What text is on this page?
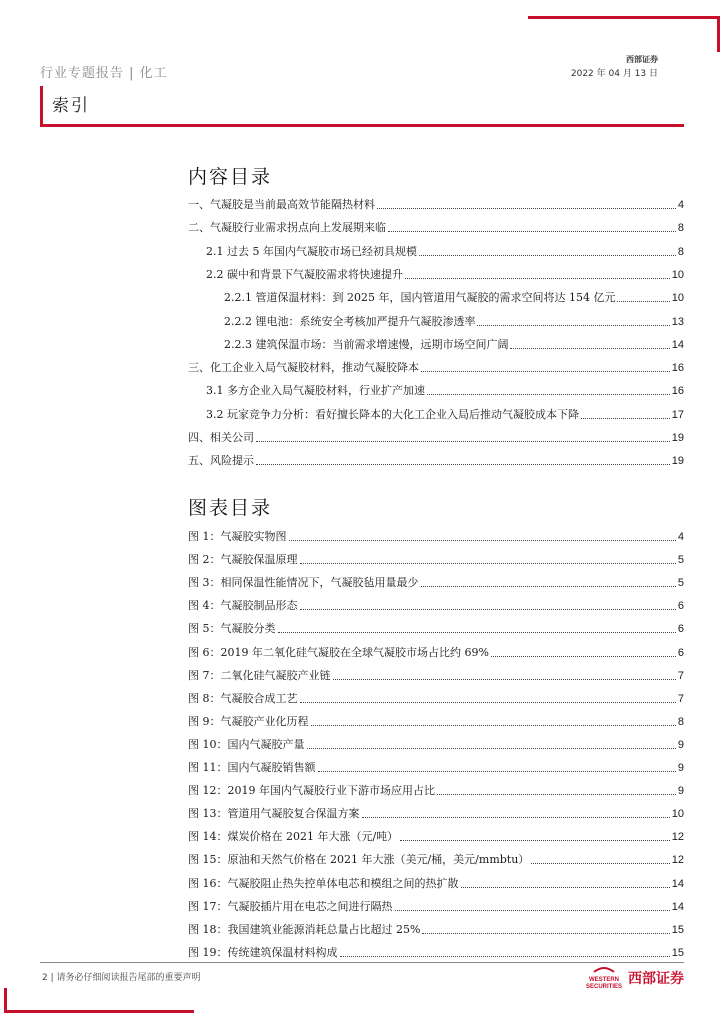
行业专题报告 | 化工
西部证券
2022 年 04 月 13 日
索引
内容目录
一、气凝胶是当前最高效节能隔热材料	4
二、气凝胶行业需求拐点向上发展期来临	8
2.1 过去 5 年国内气凝胶市场已经初具规模	8
2.2 碳中和背景下气凝胶需求将快速提升	10
2.2.1 管道保温材料：到 2025 年，国内管道用气凝胶的需求空间将达 154 亿元	10
2.2.2 锂电池：系统安全考核加严提升气凝胶渗透率	13
2.2.3 建筑保温市场：当前需求增速慢，远期市场空间广阔	14
三、化工企业入局气凝胶材料，推动气凝胶降本	16
3.1 多方企业入局气凝胶材料，行业扩产加速	16
3.2 玩家竞争力分析：看好擅长降本的大化工企业入局后推动气凝胶成本下降	17
四、相关公司	19
五、风险提示	19
图表目录
图 1：气凝胶实物图	4
图 2：气凝胶保温原理	5
图 3：相同保温性能情况下，气凝胶毡用量最少	5
图 4：气凝胶制品形态	6
图 5：气凝胶分类	6
图 6：2019 年二氧化硅气凝胶在全球气凝胶市场占比约 69%	6
图 7：二氧化硅气凝胶产业链	7
图 8：气凝胶合成工艺	7
图 9：气凝胶产业化历程	8
图 10：国内气凝胶产量	9
图 11：国内气凝胶销售额	9
图 12：2019 年国内气凝胶行业下游市场应用占比	9
图 13：管道用气凝胶复合保温方案	10
图 14：煤炭价格在 2021 年大涨（元/吨）	12
图 15：原油和天然气价格在 2021 年大涨（美元/桶，美元/mmbtu）	12
图 16：气凝胶阻止热失控单体电芯和模组之间的热扩散	14
图 17：气凝胶插片用在电芯之间进行隔热	14
图 18：我国建筑业能源消耗总量占比超过 25%	15
图 19：传统建筑保温材料构成	15
2 | 请务必仔细阅读报告尾部的重要声明	WESTERN
SECURITIES
西部证券
